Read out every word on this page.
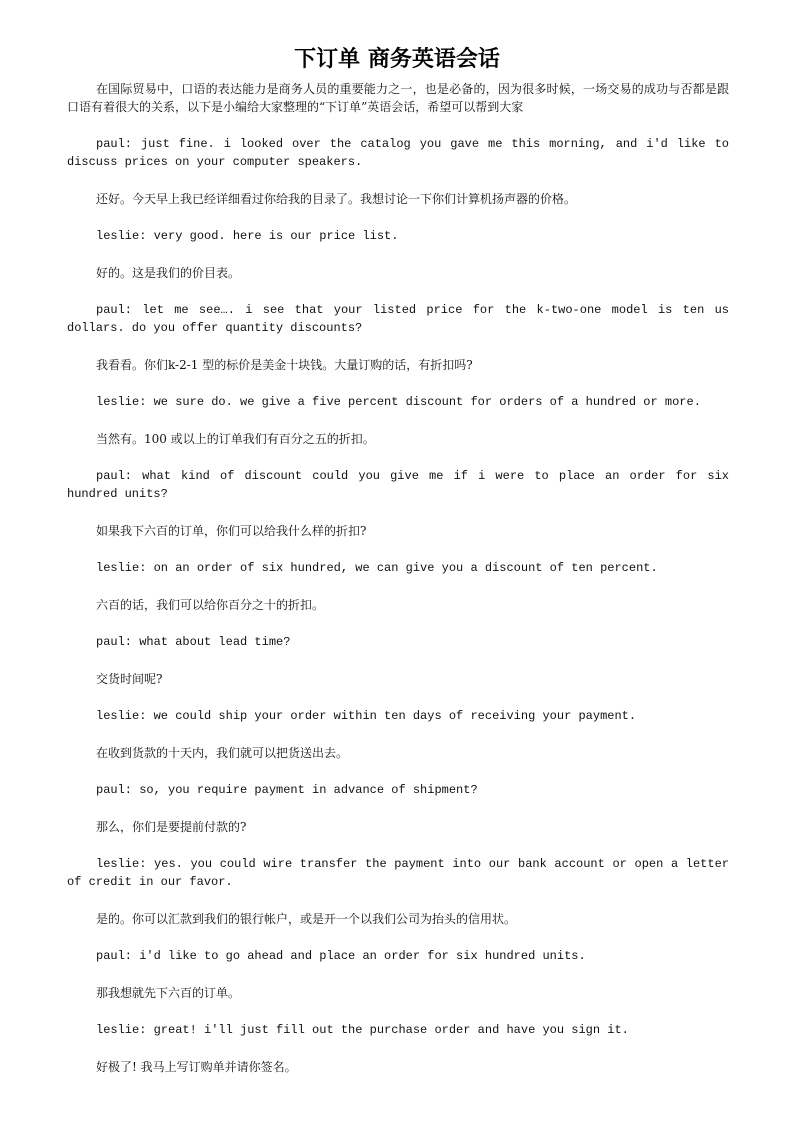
下订单 商务英语会话

在国际贸易中，口语的表达能力是商务人员的重要能力之一，也是必备的，因为很多时候，一场交易的成功与否都是跟口语有着很大的关系，以下是小编给大家整理的“下订单”英语会话，希望可以帮到大家

paul: just fine. i looked over the catalog you gave me this morning, and i'd like to discuss prices on your computer speakers.

还好。今天早上我已经详细看过你给我的目录了。我想讨论一下你们计算机扬声器的价格。

leslie: very good. here is our price list.

好的。这是我们的价目表。

paul: let me see…. i see that your listed price for the k-two-one model is ten us dollars. do you offer quantity discounts?

我看看。你们k-2-1 型的标价是美金十块钱。大量订购的话，有折扣吗?

leslie: we sure do. we give a five percent discount for orders of a hundred or more.

当然有。100 或以上的订单我们有百分之五的折扣。

paul: what kind of discount could you give me if i were to place an order for six hundred units?

如果我下六百的订单，你们可以给我什么样的折扣?

leslie: on an order of six hundred, we can give you a discount of ten percent.

六百的话，我们可以给你百分之十的折扣。

paul: what about lead time?

交货时间呢?

leslie: we could ship your order within ten days of receiving your payment.

在收到货款的十天内，我们就可以把货送出去。

paul: so, you require payment in advance of shipment?

那么，你们是要提前付款的?

leslie: yes. you could wire transfer the payment into our bank account or open a letter of credit in our favor.

是的。你可以汇款到我们的银行帐户，或是开一个以我们公司为抬头的信用状。

paul: i'd like to go ahead and place an order for six hundred units.

那我想就先下六百的订单。

leslie: great! i'll just fill out the purchase order and have you sign it.

好极了! 我马上写订购单并请你签名。
